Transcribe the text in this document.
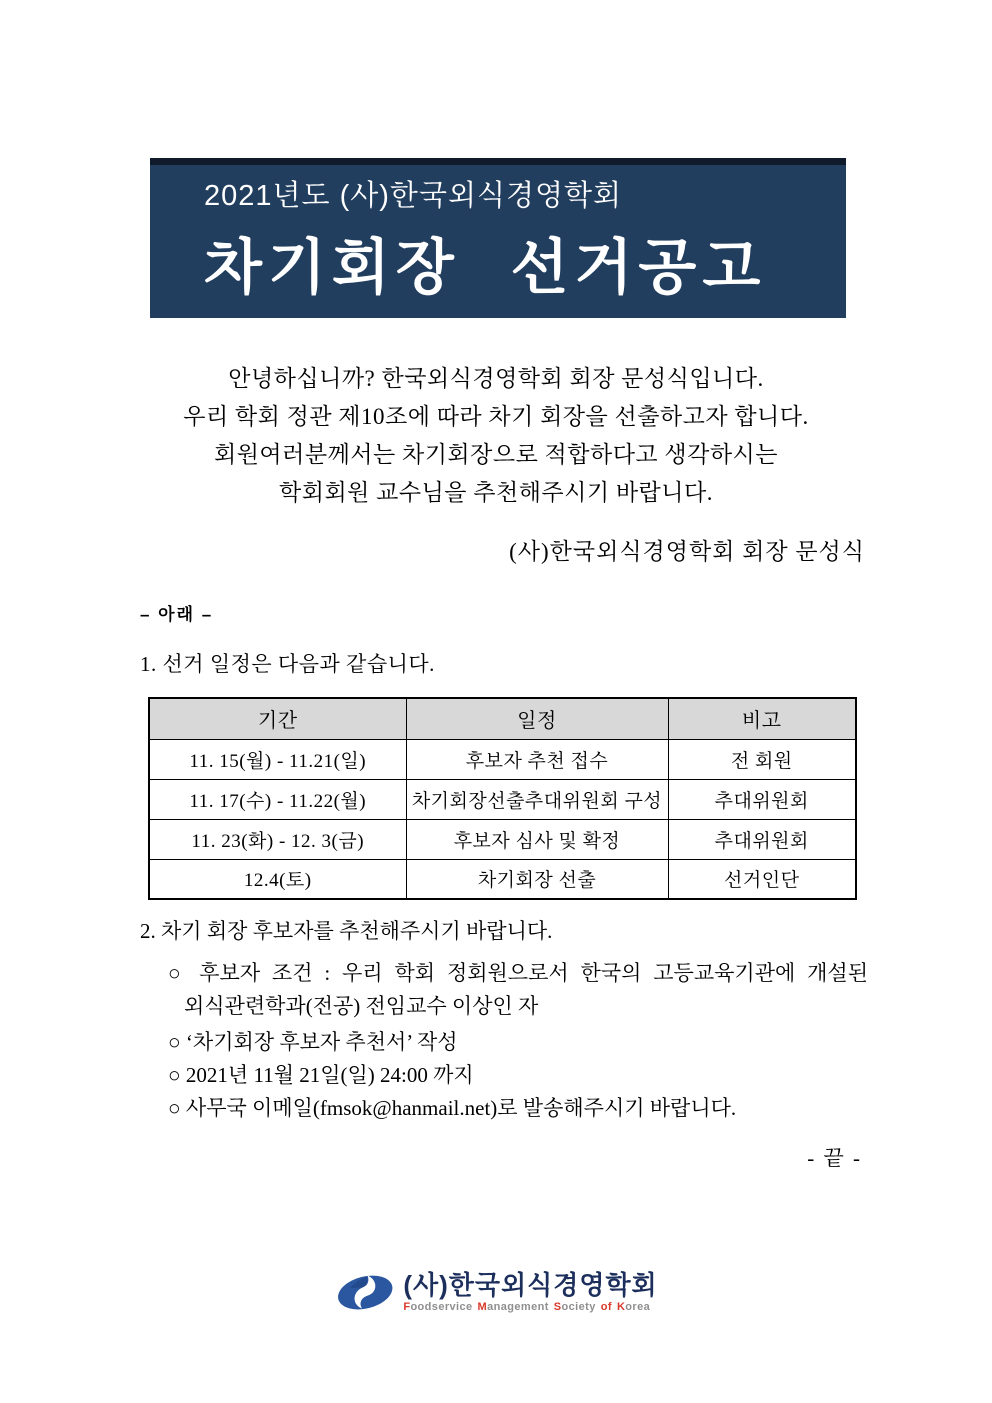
2021년도 (사)한국외식경영학회
차기회장 선거공고
안녕하십니까? 한국외식경영학회 회장 문성식입니다.
우리 학회 정관 제10조에 따라 차기 회장을 선출하고자 합니다.
회원여러분께서는 차기회장으로 적합하다고 생각하시는
학회회원 교수님을 추천해주시기 바랍니다.
(사)한국외식경영학회 회장 문성식
– 아래 –
1. 선거 일정은 다음과 같습니다.
기간	일정	비고
11. 15(월) - 11.21(일)	후보자 추천 접수	전 회원
11. 17(수) - 11.22(월)	차기회장선출추대위원회 구성	추대위원회
11. 23(화) - 12. 3(금)	후보자 심사 및 확정	추대위원회
12.4(토)	차기회장 선출	선거인단
2. 차기 회장 후보자를 추천해주시기 바랍니다.
○ 후보자 조건 : 우리 학회 정회원으로서 한국의 고등교육기관에 개설된
외식관련학과(전공) 전임교수 이상인 자
○ ‘차기회장 후보자 추천서’ 작성
○ 2021년 11월 21일(일) 24:00 까지
○ 사무국 이메일(fmsok@hanmail.net)로 발송해주시기 바랍니다.
- 끝 -
(사)한국외식경영학회
Foodservice Management Society of Korea
